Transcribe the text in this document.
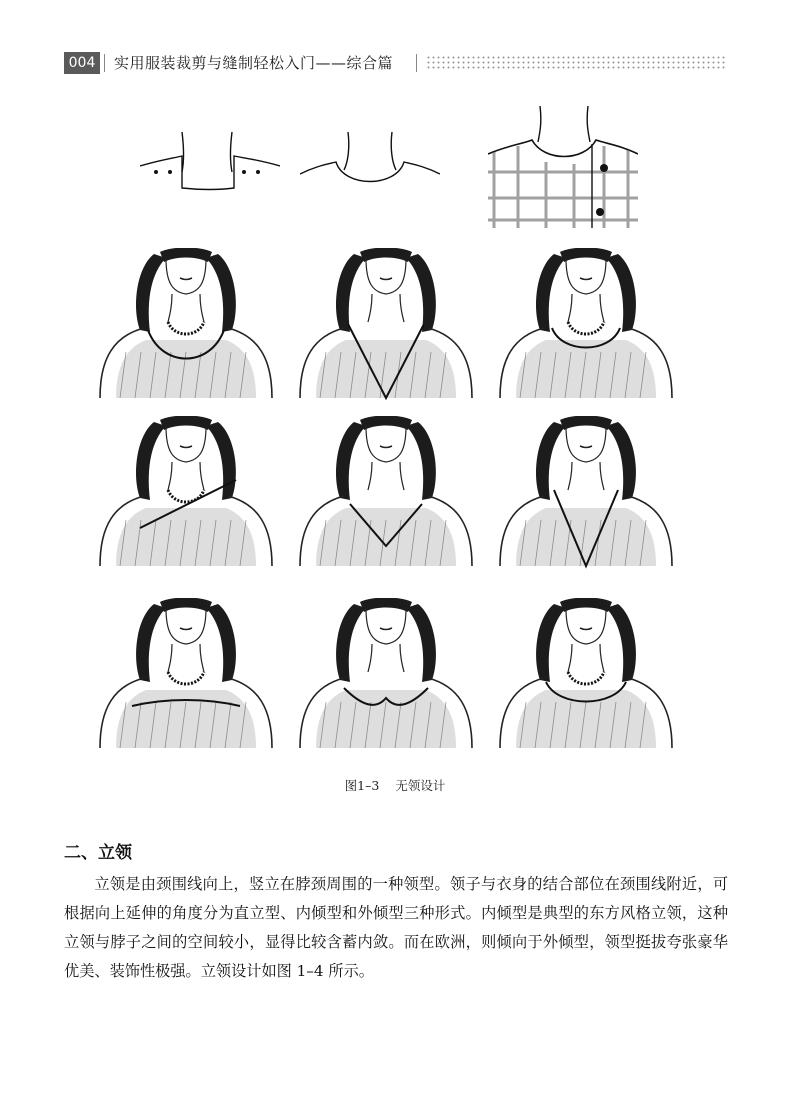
004	实用服装裁剪与缝制轻松入门——综合篇
图1–3 无领设计
二、立领
立领是由颈围线向上，竖立在脖颈周围的一种领型。领子与衣身的结合部位在颈围线附近，可根据向上延伸的角度分为直立型、内倾型和外倾型三种形式。内倾型是典型的东方风格立领，这种立领与脖子之间的空间较小，显得比较含蓄内敛。而在欧洲，则倾向于外倾型，领型挺拔夸张豪华优美、装饰性极强。立领设计如图 1–4 所示。
